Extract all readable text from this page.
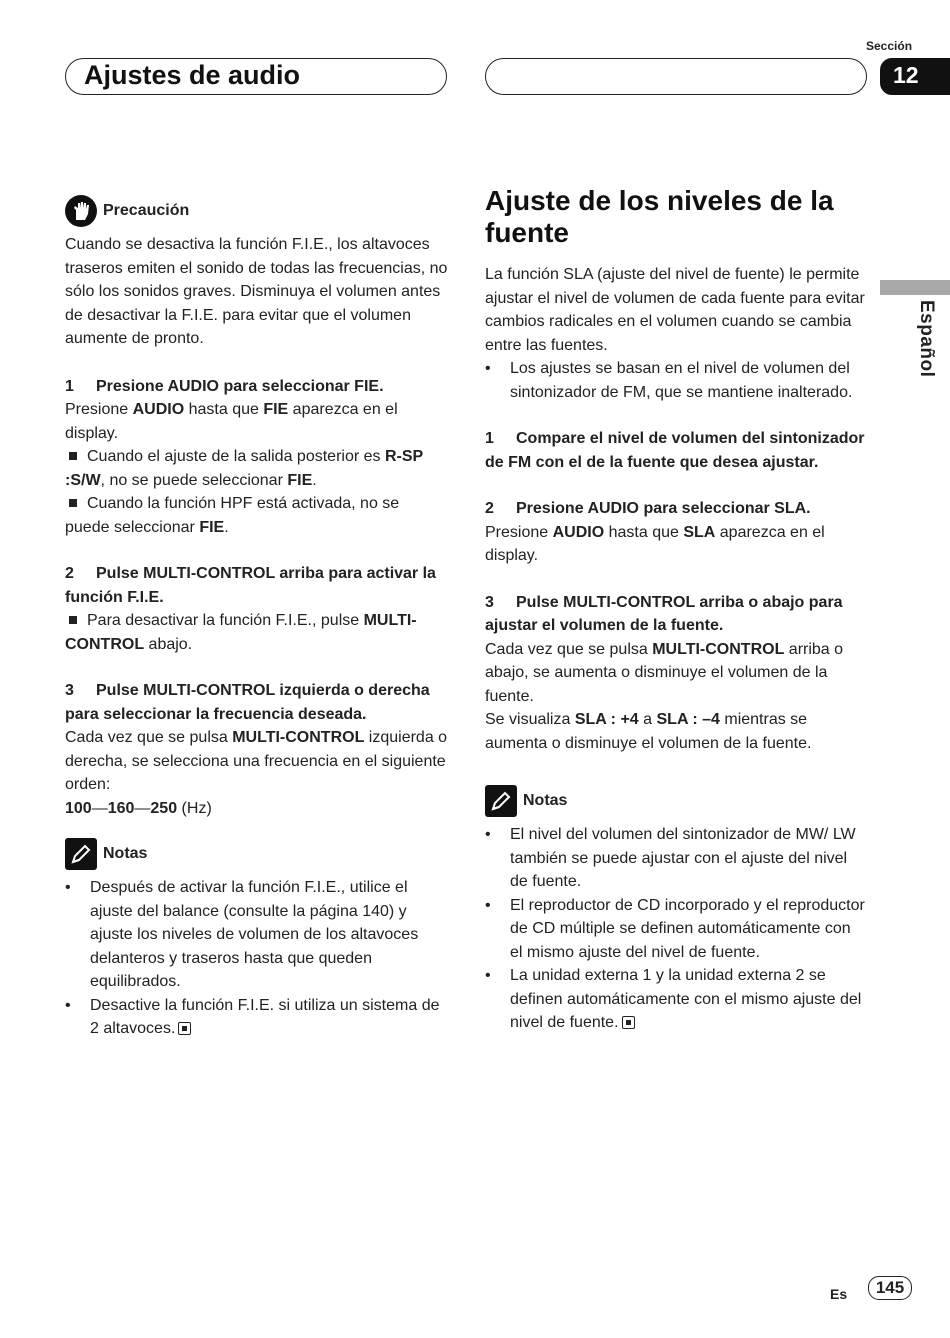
Ajustes de audio
Sección
12
Español
Precaución

Cuando se desactiva la función F.I.E., los altavoces traseros emiten el sonido de todas las frecuencias, no sólo los sonidos graves. Disminuya el volumen antes de desactivar la F.I.E. para evitar que el volumen aumente de pronto.

1 Presione AUDIO para seleccionar FIE.

Presione AUDIO hasta que FIE aparezca en el display.

Cuando el ajuste de la salida posterior es R-SP :S/W, no se puede seleccionar FIE.

Cuando la función HPF está activada, no se puede seleccionar FIE.

2 Pulse MULTI-CONTROL arriba para activar la función F.I.E.

Para desactivar la función F.I.E., pulse MULTI-CONTROL abajo.

3 Pulse MULTI-CONTROL izquierda o derecha para seleccionar la frecuencia deseada.

Cada vez que se pulsa MULTI-CONTROL izquierda o derecha, se selecciona una frecuencia en el siguiente orden:

100—160—250 (Hz)

Notas
• Después de activar la función F.I.E., utilice el ajuste del balance (consulte la página 140) y ajuste los niveles de volumen de los altavoces delanteros y traseros hasta que queden equilibrados.
• Desactive la función F.I.E. si utiliza un sistema de 2 altavoces.
Ajuste de los niveles de la fuente

La función SLA (ajuste del nivel de fuente) le permite ajustar el nivel de volumen de cada fuente para evitar cambios radicales en el volumen cuando se cambia entre las fuentes.

• Los ajustes se basan en el nivel de volumen del sintonizador de FM, que se mantiene inalterado.

1 Compare el nivel de volumen del sintonizador de FM con el de la fuente que desea ajustar.

2 Presione AUDIO para seleccionar SLA.

Presione AUDIO hasta que SLA aparezca en el display.

3 Pulse MULTI-CONTROL arriba o abajo para ajustar el volumen de la fuente.

Cada vez que se pulsa MULTI-CONTROL arriba o abajo, se aumenta o disminuye el volumen de la fuente.

Se visualiza SLA : +4 a SLA : –4 mientras se aumenta o disminuye el volumen de la fuente.

Notas
• El nivel del volumen del sintonizador de MW/ LW también se puede ajustar con el ajuste del nivel de fuente.
• El reproductor de CD incorporado y el reproductor de CD múltiple se definen automáticamente con el mismo ajuste del nivel de fuente.
• La unidad externa 1 y la unidad externa 2 se definen automáticamente con el mismo ajuste del nivel de fuente.
Es	145
